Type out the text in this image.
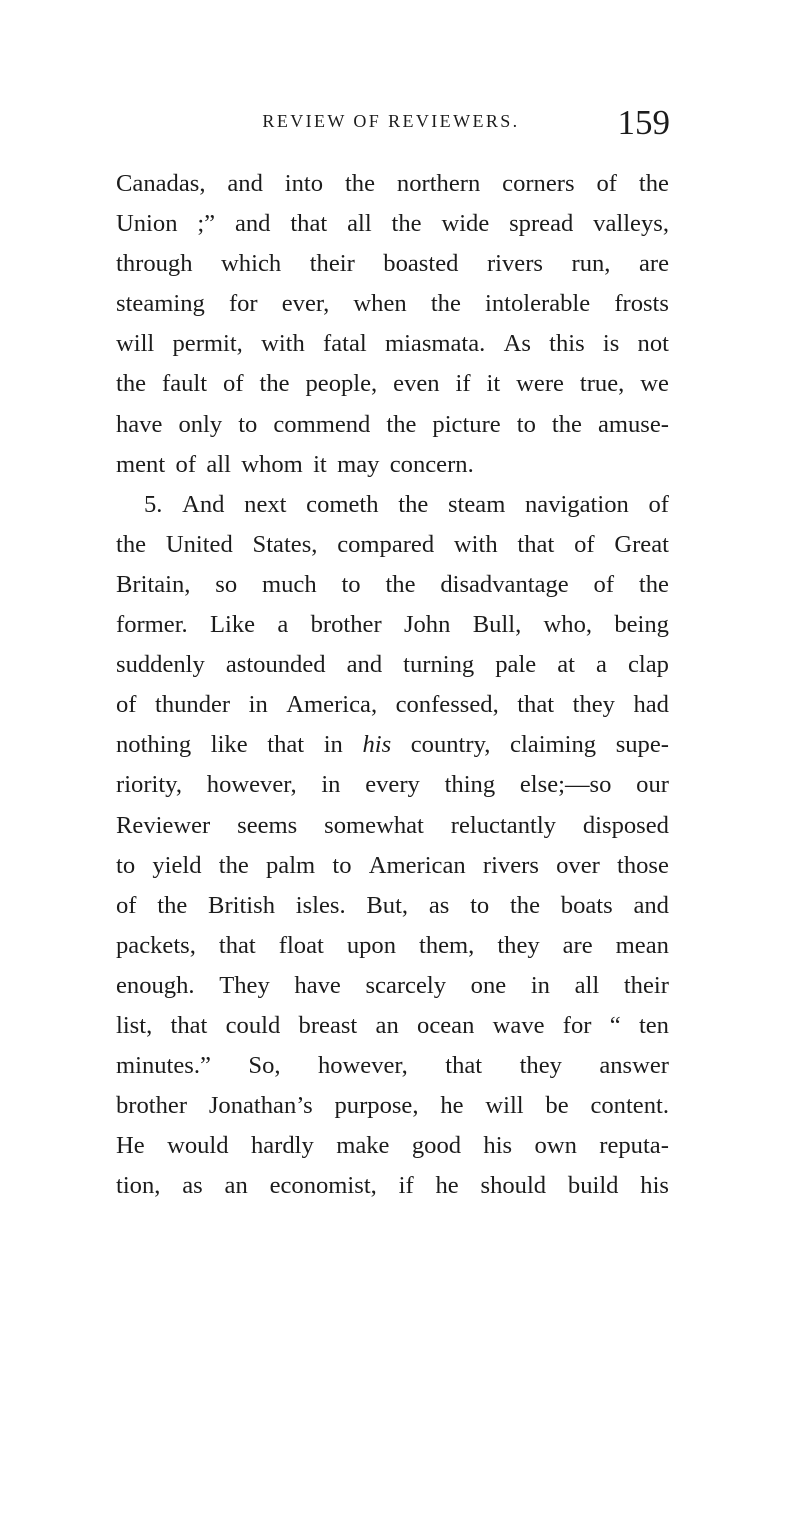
REVIEW OF REVIEWERS.	159
Canadas, and into the northern corners of the
Union ;” and that all the wide spread valleys,
through which their boasted rivers run, are
steaming for ever, when the intolerable frosts
will permit, with fatal miasmata. As this is not
the fault of the people, even if it were true, we
have only to commend the picture to the amuse-
ment of all whom it may concern.
5. And next cometh the steam navigation of
the United States, compared with that of Great
Britain, so much to the disadvantage of the
former. Like a brother John Bull, who, being
suddenly astounded and turning pale at a clap
of thunder in America, confessed, that they had
nothing like that in his country, claiming supe-
riority, however, in every thing else;—so our
Reviewer seems somewhat reluctantly disposed
to yield the palm to American rivers over those
of the British isles. But, as to the boats and
packets, that float upon them, they are mean
enough. They have scarcely one in all their
list, that could breast an ocean wave for “ ten
minutes.” So, however, that they answer
brother Jonathan’s purpose, he will be content.
He would hardly make good his own reputa-
tion, as an economist, if he should build his
